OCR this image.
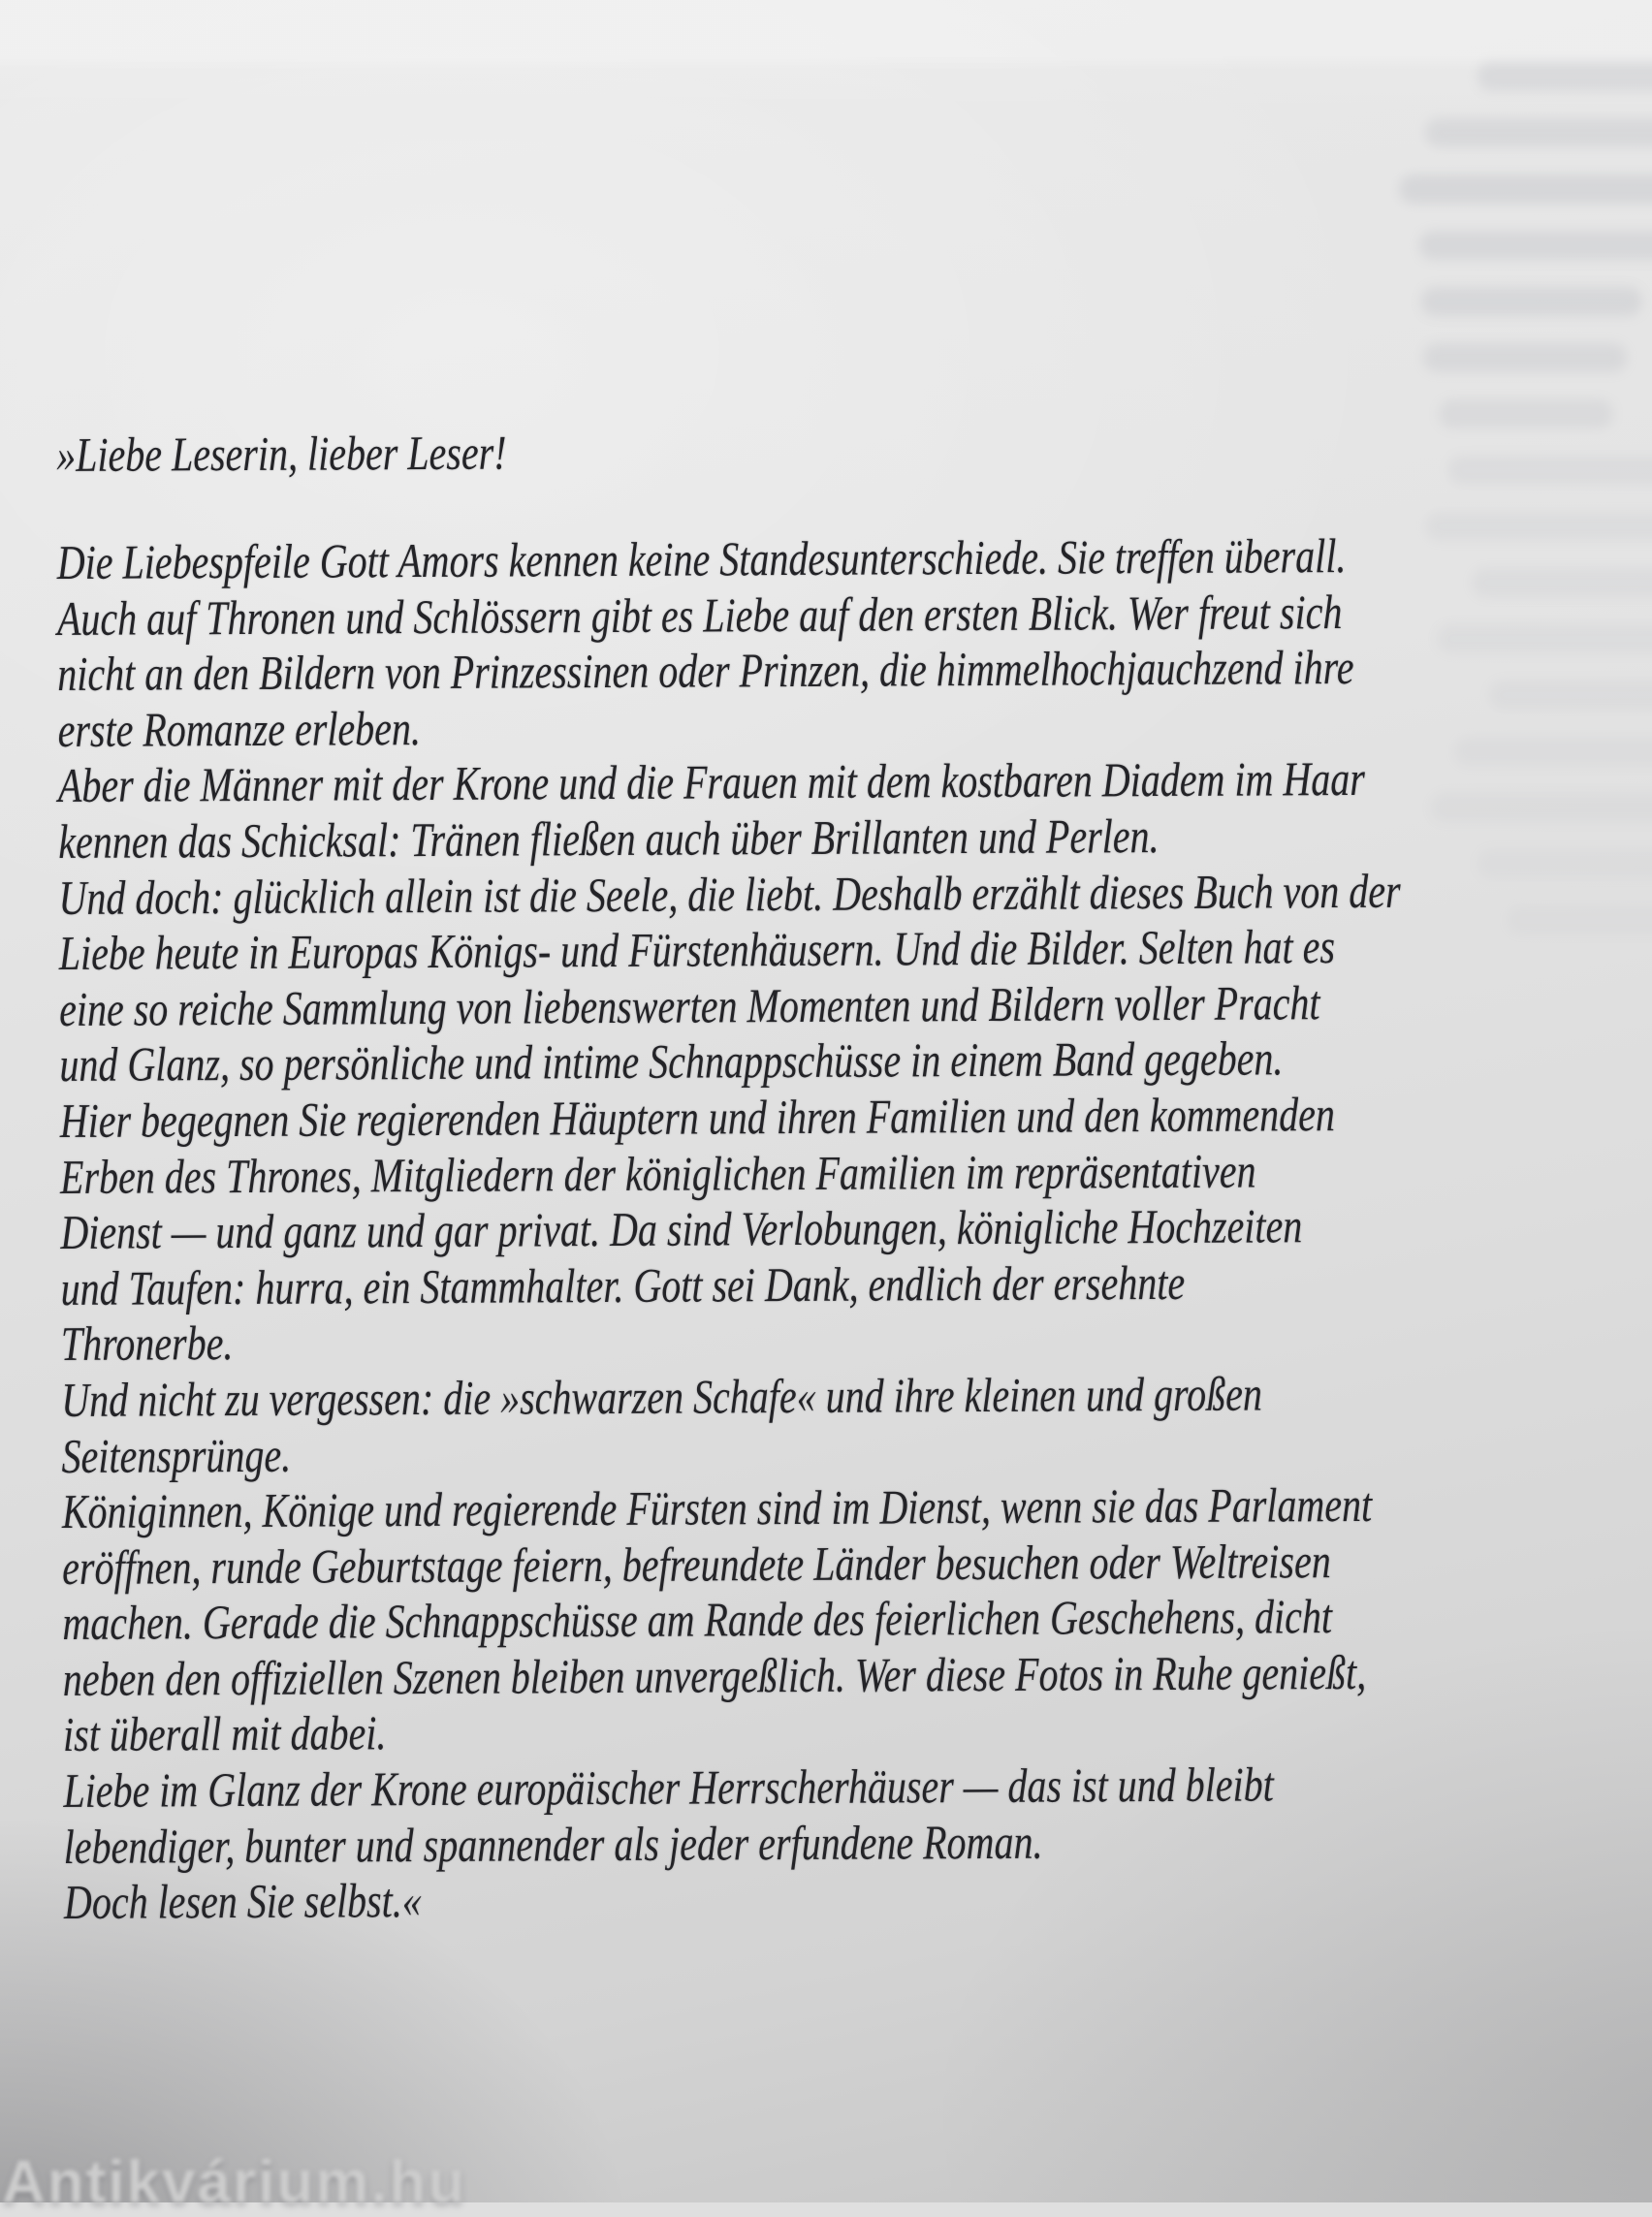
»Liebe Leserin, lieber Leser!
Die Liebespfeile Gott Amors kennen keine Standesunterschiede. Sie treffen überall.
Auch auf Thronen und Schlössern gibt es Liebe auf den ersten Blick. Wer freut sich
nicht an den Bildern von Prinzessinen oder Prinzen, die himmelhochjauchzend ihre
erste Romanze erleben.
Aber die Männer mit der Krone und die Frauen mit dem kostbaren Diadem im Haar
kennen das Schicksal: Tränen fließen auch über Brillanten und Perlen.
Und doch: glücklich allein ist die Seele, die liebt. Deshalb erzählt dieses Buch von der
Liebe heute in Europas Königs- und Fürstenhäusern. Und die Bilder. Selten hat es
eine so reiche Sammlung von liebenswerten Momenten und Bildern voller Pracht
und Glanz, so persönliche und intime Schnappschüsse in einem Band gegeben.
Hier begegnen Sie regierenden Häuptern und ihren Familien und den kommenden
Erben des Thrones, Mitgliedern der königlichen Familien im repräsentativen
Dienst — und ganz und gar privat. Da sind Verlobungen, königliche Hochzeiten
und Taufen: hurra, ein Stammhalter. Gott sei Dank, endlich der ersehnte
Thronerbe.
Und nicht zu vergessen: die »schwarzen Schafe« und ihre kleinen und großen
Seitensprünge.
Königinnen, Könige und regierende Fürsten sind im Dienst, wenn sie das Parlament
eröffnen, runde Geburtstage feiern, befreundete Länder besuchen oder Weltreisen
machen. Gerade die Schnappschüsse am Rande des feierlichen Geschehens, dicht
neben den offiziellen Szenen bleiben unvergeßlich. Wer diese Fotos in Ruhe genießt,
ist überall mit dabei.
Liebe im Glanz der Krone europäischer Herrscherhäuser — das ist und bleibt
lebendiger, bunter und spannender als jeder erfundene Roman.
Doch lesen Sie selbst.«
Antikvárium.hu
